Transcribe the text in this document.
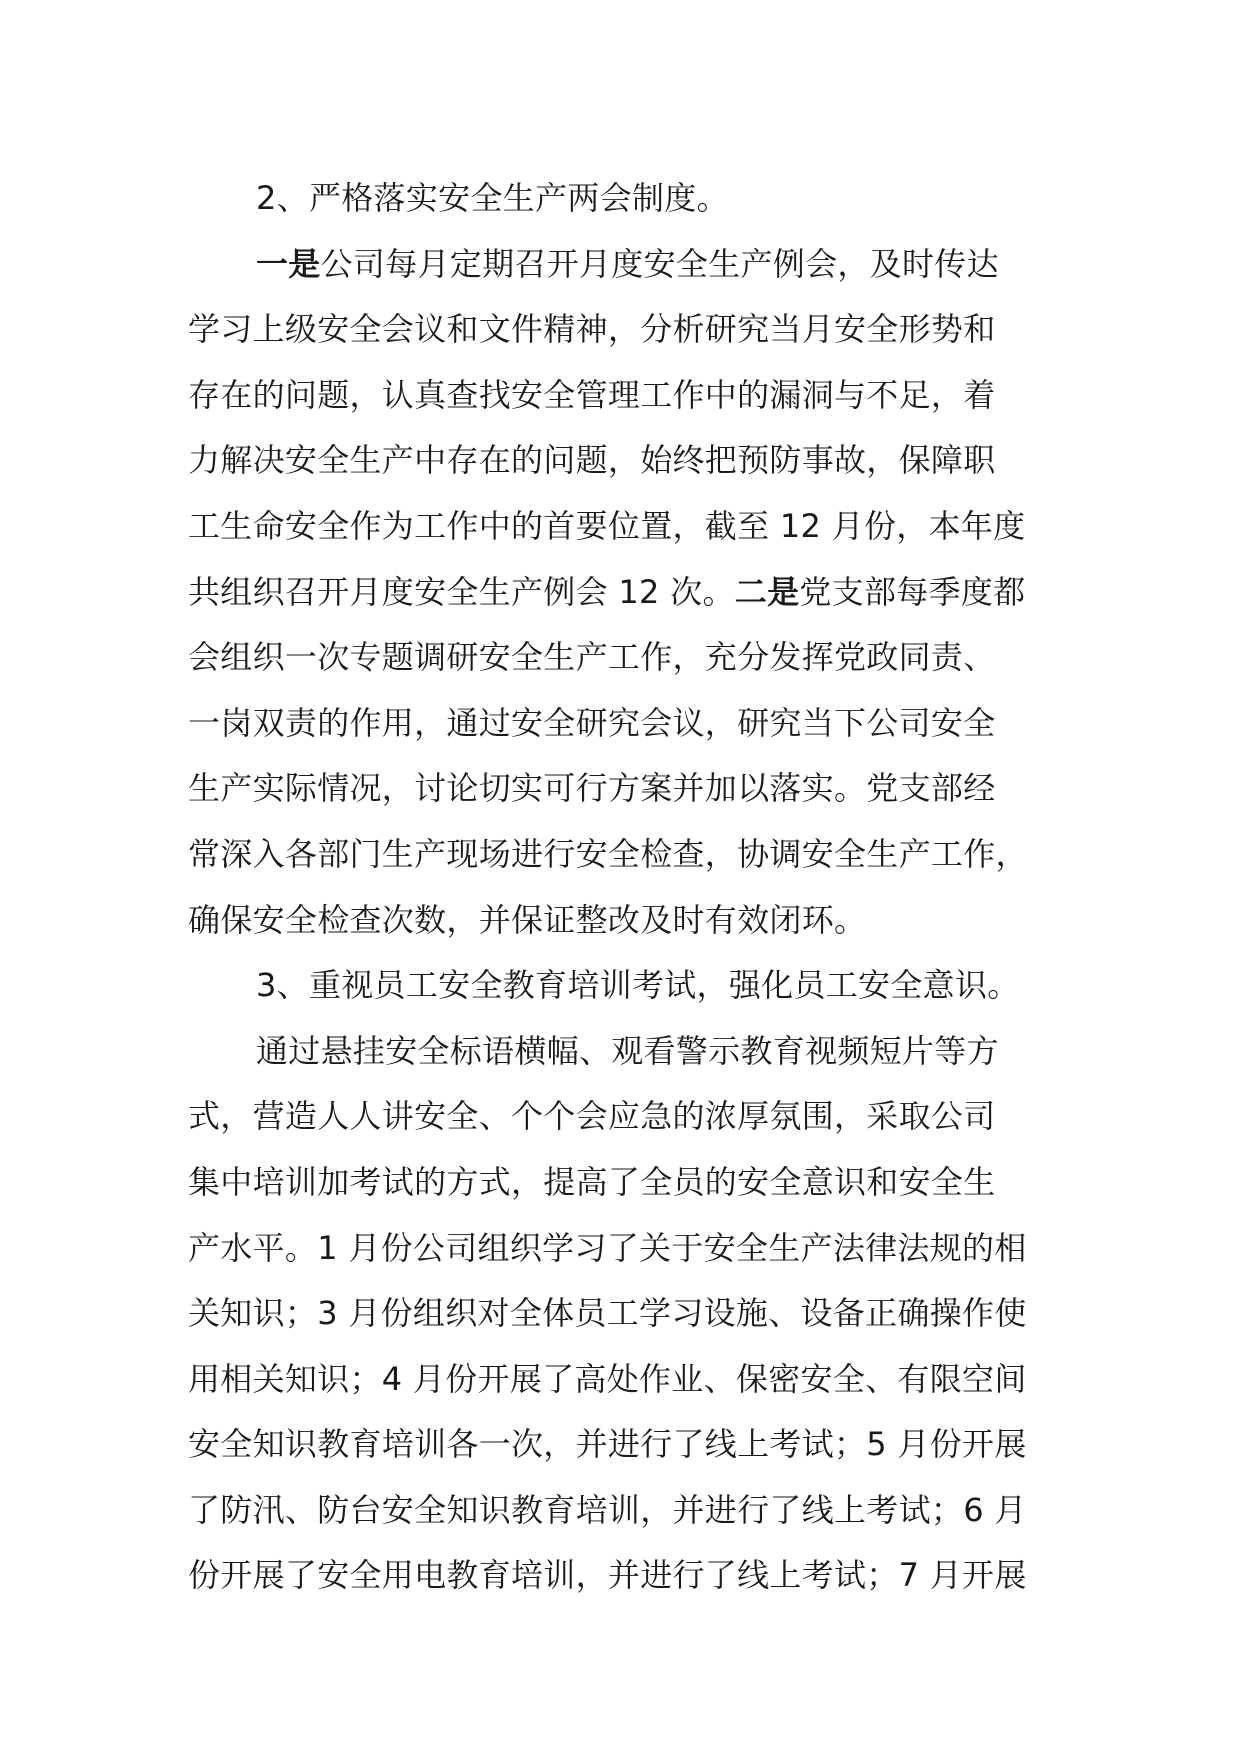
2、严格落实安全生产两会制度。
一是公司每月定期召开月度安全生产例会，及时传达
学习上级安全会议和文件精神，分析研究当月安全形势和
存在的问题，认真查找安全管理工作中的漏洞与不足，着
力解决安全生产中存在的问题，始终把预防事故，保障职
工生命安全作为工作中的首要位置，截至 12 月份，本年度
共组织召开月度安全生产例会 12 次。二是党支部每季度都
会组织一次专题调研安全生产工作，充分发挥党政同责、
一岗双责的作用，通过安全研究会议，研究当下公司安全
生产实际情况，讨论切实可行方案并加以落实。党支部经
常深入各部门生产现场进行安全检查，协调安全生产工作，
确保安全检查次数，并保证整改及时有效闭环。
3、重视员工安全教育培训考试，强化员工安全意识。
通过悬挂安全标语横幅、观看警示教育视频短片等方
式，营造人人讲安全、个个会应急的浓厚氛围，采取公司
集中培训加考试的方式，提高了全员的安全意识和安全生
产水平。1 月份公司组织学习了关于安全生产法律法规的相
关知识；3 月份组织对全体员工学习设施、设备正确操作使
用相关知识；4 月份开展了高处作业、保密安全、有限空间
安全知识教育培训各一次，并进行了线上考试；5 月份开展
了防汛、防台安全知识教育培训，并进行了线上考试；6 月
份开展了安全用电教育培训，并进行了线上考试；7 月开展
